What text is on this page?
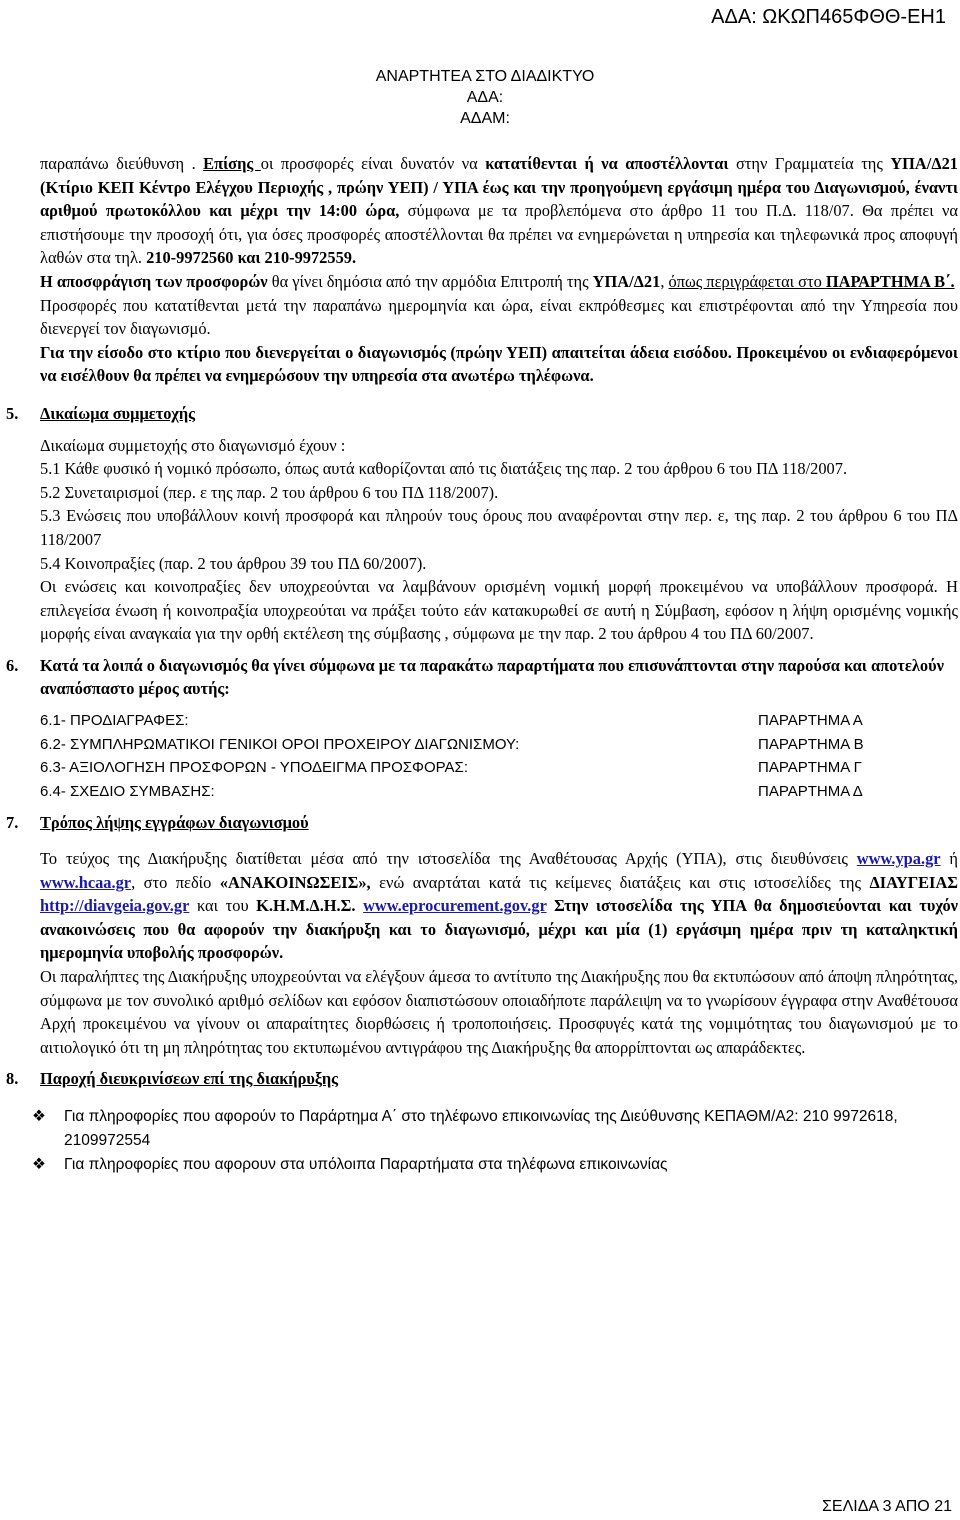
ΑΔΑ: ΩΚΩΠ465ΦΘΘ-ΕΗ1
ΑΝΑΡΤΗΤΕΑ ΣΤΟ ΔΙΑΔΙΚΤΥΟ
ΑΔΑ:
ΑΔΑΜ:

παραπάνω διεύθυνση . Επίσης οι προσφορές είναι δυνατόν να κατατίθενται ή να αποστέλλονται στην Γραμματεία της ΥΠΑ/Δ21 (Κτίριο ΚΕΠ Κέντρο Ελέγχου Περιοχής , πρώην ΥΕΠ) / ΥΠΑ έως και την προηγούμενη εργάσιμη ημέρα του Διαγωνισμού, έναντι αριθμού πρωτοκόλλου και μέχρι την 14:00 ώρα, σύμφωνα με τα προβλεπόμενα στο άρθρο 11 του Π.Δ. 118/07. Θα πρέπει να επιστήσουμε την προσοχή ότι, για όσες προσφορές αποστέλλονται θα πρέπει να ενημερώνεται η υπηρεσία και τηλεφωνικά προς αποφυγή λαθών στα τηλ. 210-9972560 και 210-9972559.

Η αποσφράγιση των προσφορών θα γίνει δημόσια από την αρμόδια Επιτροπή της ΥΠΑ/Δ21, όπως περιγράφεται στο ΠΑΡΑΡΤΗΜΑ Β΄.

Προσφορές που κατατίθενται μετά την παραπάνω ημερομηνία και ώρα, είναι εκπρόθεσμες και επιστρέφονται από την Υπηρεσία που διενεργεί τον διαγωνισμό.

Για την είσοδο στο κτίριο που διενεργείται ο διαγωνισμός (πρώην ΥΕΠ) απαιτείται άδεια εισόδου. Προκειμένου οι ενδιαφερόμενοι να εισέλθουν θα πρέπει να ενημερώσουν την υπηρεσία στα ανωτέρω τηλέφωνα.

5. Δικαίωμα συμμετοχής

Δικαίωμα συμμετοχής στο διαγωνισμό έχουν :

5.1 Κάθε φυσικό ή νομικό πρόσωπο, όπως αυτά καθορίζονται από τις διατάξεις της παρ. 2 του άρθρου 6 του ΠΔ 118/2007.

5.2 Συνεταιρισμοί (περ. ε της παρ. 2 του άρθρου 6 του ΠΔ 118/2007).

5.3 Ενώσεις που υποβάλλουν κοινή προσφορά και πληρούν τους όρους που αναφέρονται στην περ. ε, της παρ. 2 του άρθρου 6 του ΠΔ 118/2007

5.4 Κοινοπραξίες (παρ. 2 του άρθρου 39 του ΠΔ 60/2007).

Οι ενώσεις και κοινοπραξίες δεν υποχρεούνται να λαμβάνουν ορισμένη νομική μορφή προκειμένου να υποβάλλουν προσφορά. Η επιλεγείσα ένωση ή κοινοπραξία υποχρεούται να πράξει τούτο εάν κατακυρωθεί σε αυτή η Σύμβαση, εφόσον η λήψη ορισμένης νομικής μορφής είναι αναγκαία για την ορθή εκτέλεση της σύμβασης , σύμφωνα με την παρ. 2 του άρθρου 4 του ΠΔ 60/2007.

6. Κατά τα λοιπά ο διαγωνισμός θα γίνει σύμφωνα με τα παρακάτω παραρτήματα που επισυνάπτονται στην παρούσα και αποτελούν αναπόσπαστο μέρος αυτής:
6.1- ΠΡΟΔΙΑΓΡΑΦΕΣ:	ΠΑΡΑΡΤΗΜΑ Α
6.2- ΣΥΜΠΛΗΡΩΜΑΤΙΚΟΙ ΓΕΝΙΚΟΙ ΟΡΟΙ ΠΡΟΧΕΙΡΟΥ ΔΙΑΓΩΝΙΣΜΟΥ:	ΠΑΡΑΡΤΗΜΑ Β
6.3- ΑΞΙΟΛΟΓΗΣΗ ΠΡΟΣΦΟΡΩΝ - ΥΠΟΔΕΙΓΜΑ ΠΡΟΣΦΟΡΑΣ:	ΠΑΡΑΡΤΗΜΑ Γ
6.4- ΣΧΕΔΙΟ ΣΥΜΒΑΣΗΣ:	ΠΑΡΑΡΤΗΜΑ Δ
7. Τρόπος λήψης εγγράφων διαγωνισμού

Το τεύχος της Διακήρυξης διατίθεται μέσα από την ιστοσελίδα της Αναθέτουσας Αρχής (ΥΠΑ), στις διευθύνσεις www.ypa.gr ή www.hcaa.gr, στο πεδίο «ΑΝΑΚΟΙΝΩΣΕΙΣ», ενώ αναρτάται κατά τις κείμενες διατάξεις και στις ιστοσελίδες της ΔΙΑΥΓΕΙΑΣ http://diavgeia.gov.gr και του Κ.Η.Μ.Δ.Η.Σ. www.eprocurement.gov.gr Στην ιστοσελίδα της ΥΠΑ θα δημοσιεύονται και τυχόν ανακοινώσεις που θα αφορούν την διακήρυξη και το διαγωνισμό, μέχρι και μία (1) εργάσιμη ημέρα πριν τη καταληκτική ημερομηνία υποβολής προσφορών.

Οι παραλήπτες της Διακήρυξης υποχρεούνται να ελέγξουν άμεσα το αντίτυπο της Διακήρυξης που θα εκτυπώσουν από άποψη πληρότητας, σύμφωνα με τον συνολικό αριθμό σελίδων και εφόσον διαπιστώσουν οποιαδήποτε παράλειψη να το γνωρίσουν έγγραφα στην Αναθέτουσα Αρχή προκειμένου να γίνουν οι απαραίτητες διορθώσεις ή τροποποιήσεις. Προσφυγές κατά της νομιμότητας του διαγωνισμού με το αιτιολογικό ότι τη μη πληρότητας του εκτυπωμένου αντιγράφου της Διακήρυξης θα απορρίπτονται ως απαράδεκτες.

8. Παροχή διευκρινίσεων επί της διακήρυξης
❖ Για πληροφορίες που αφορούν το Παράρτημα Α΄ στο τηλέφωνο επικοινωνίας της Διεύθυνσης ΚΕΠΑΘΜ/Α2: 210 9972618, 2109972554
❖ Για πληροφορίες που αφορουν στα υπόλοιπα Παραρτήματα στα τηλέφωνα επικοινωνίας
ΣΕΛΙΔΑ 3 ΑΠΟ 21
